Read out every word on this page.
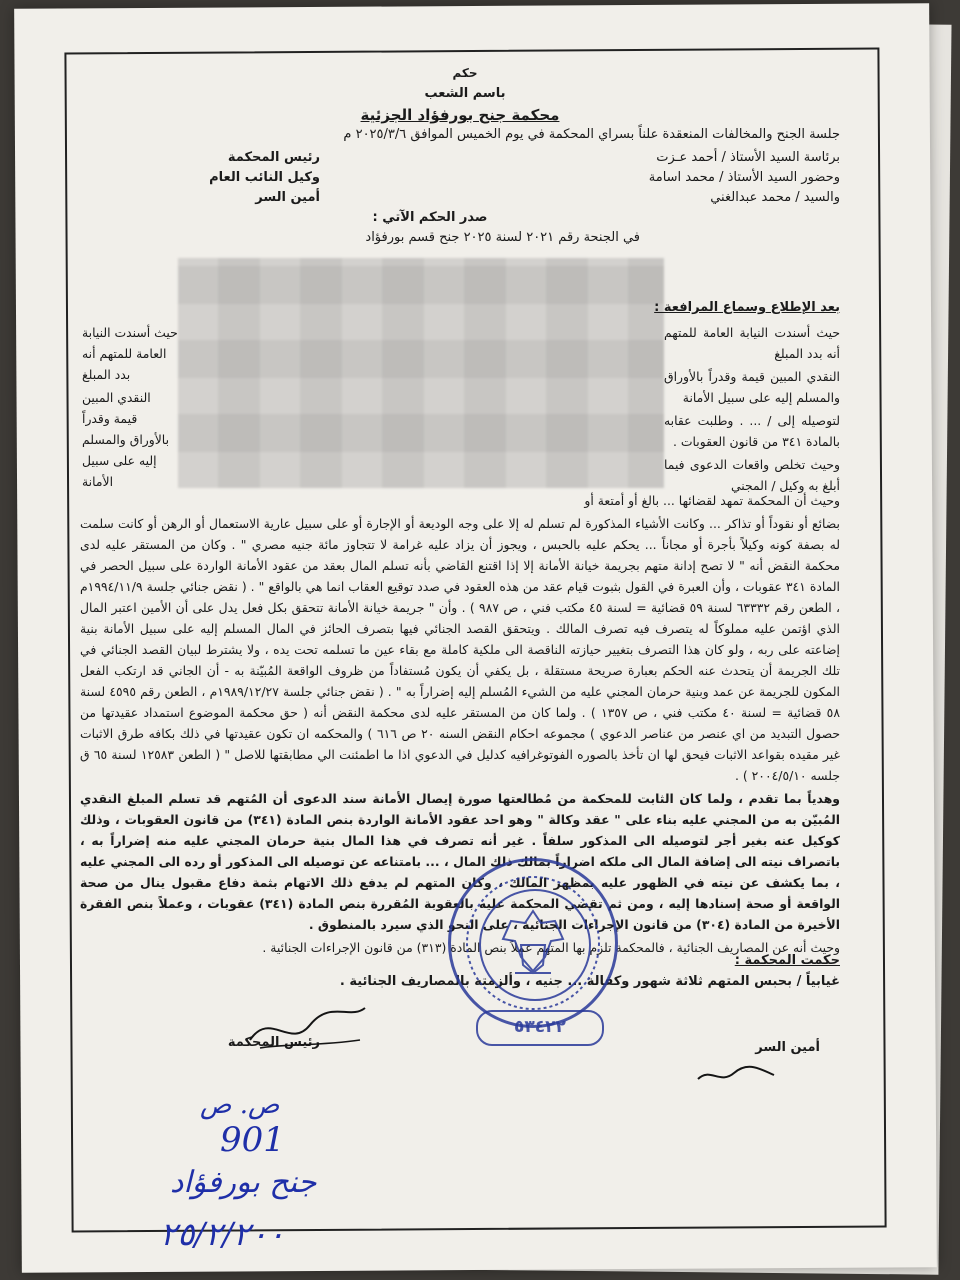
حكم
باسم الشعب
محكمة جنح بورفؤاد الجزئية
جلسة الجنح والمخالفات المنعقدة علناً بسراي المحكمة في يوم الخميس الموافق ٢٠٢٥/٣/٦ م
برئاسة السيد الأستاذ / أحمد عـزت
رئيس المحكمة
وحضور السيد الأستاذ / محمد اسامة
وكيل النائب العام
والسيد / محمد عبدالغني
أمين السر
صدر الحكم الآتي :
في الجنحة رقم ٢٠٢١ لسنة ٢٠٢٥ جنح قسم بورفؤاد
بعد الإطلاع وسماع المرافعة :

حيث أسندت النيابة العامة للمتهم أنه بدد المبلغ

النقدي المبين قيمة وقدراً بالأوراق والمسلم إليه على سبيل الأمانة

لتوصيله إلى / ... . وطلبت عقابه بالمادة ٣٤١ من قانون العقوبات .

وحيث تخلص واقعات الدعوى فيما أبلغ به وكيل / المجني

حيث أسندت النيابة العامة للمتهم أنه بدد المبلغ

النقدي المبين قيمة وقدراً بالأوراق والمسلم إليه على سبيل الأمانة

وحيث أن المحكمة تمهد لقضائها ... بالغ أو أمتعة أو

بضائع أو نقوداً أو تذاكر ... وكانت الأشياء المذكورة لم تسلم له إلا على وجه الوديعة أو الإجارة أو على سبيل عارية الاستعمال أو الرهن أو كانت سلمت له بصفة كونه وكيلاً بأجرة أو مجاناً ... يحكم عليه بالحبس ، ويجوز أن يزاد عليه غرامة لا تتجاوز مائة جنيه مصري " . وكان من المستقر عليه لدى محكمة النقض أنه " لا تصح إدانة متهم بجريمة خيانة الأمانة إلا إذا اقتنع القاضي بأنه تسلم المال بعقد من عقود الأمانة الواردة على سبيل الحصر في المادة ٣٤١ عقوبات ، وأن العبرة في القول بثبوت قيام عقد من هذه العقود في صدد توقيع العقاب انما هي بالواقع " . ( نقض جنائي جلسة ١٩٩٤/١١/٩م ، الطعن رقم ٦٣٣٣٢ لسنة ٥٩ قضائية = لسنة ٤٥ مكتب فني ، ص ٩٨٧ ) . وأن " جريمة خيانة الأمانة تتحقق بكل فعل يدل على أن الأمين اعتبر المال الذي اؤتمن عليه مملوكاً له يتصرف فيه تصرف المالك . ويتحقق القصد الجنائي فيها بتصرف الحائز في المال المسلم إليه على سبيل الأمانة بنية إضاعته على ربه ، ولو كان هذا التصرف بتغيير حيازته الناقصة الى ملكية كاملة مع بقاء عين ما تسلمه تحت يده ، ولا يشترط لبيان القصد الجنائي في تلك الجريمة أن يتحدث عنه الحكم بعبارة صريحة مستقلة ، بل يكفي أن يكون مُستفاداً من ظروف الواقعة المُبيّنة به - أن الجاني قد ارتكب الفعل المكون للجريمة عن عمد وبنية حرمان المجني عليه من الشيء المُسلم إليه إضراراً به " . ( نقض جنائي جلسة ١٩٨٩/١٢/٢٧م ، الطعن رقم ٤٥٩٥ لسنة ٥٨ قضائية = لسنة ٤٠ مكتب فني ، ص ١٣٥٧ ) . ولما كان من المستقر عليه لدى محكمة النقض أنه ( حق محكمة الموضوع استمداد عقيدتها من حصول التبديد من اي عنصر من عناصر الدعوي ) مجموعه احكام النقض السنه ٢٠ ص ٦١٦ ) والمحكمه ان تكون عقيدتها في ذلك بكافه طرق الاثبات غير مقيده بقواعد الاثبات فيحق لها ان تأخذ بالصوره الفوتوغرافيه كدليل في الدعوي اذا ما اطمئنت الي مطابقتها للاصل " ( الطعن ١٢٥٨٣ لسنة ٦٥ ق جلسه ٢٠٠٤/٥/١٠ ) .

وهدياً بما تقدم ، ولما كان الثابت للمحكمة من مُطالعتها صورة إيصال الأمانة سند الدعوى أن المُتهم قد تسلم المبلغ النقدي المُبيّن به من المجني عليه بناء على " عقد وكالة " وهو احد عقود الأمانة الواردة بنص المادة (٣٤١) من قانون العقوبات ، وذلك كوكيل عنه بغير أجر لتوصيله الى المذكور سلفاً . غير أنه تصرف في هذا المال بنية حرمان المجني عليه منه إضراراً به ، باتصراف نيته الى إضافة المال الى ملكه اضراراً بمالك ذلك المال ، ... بامتناعه عن توصيله الى المذكور أو رده الى المجني عليه ، بما يكشف عن نيته في الظهور عليه بمظهر المالك ، وكان المتهم لم يدفع ذلك الاتهام بثمة دفاع مقبول ينال من صحة الواقعة أو صحة إسنادها إليه ، ومن ثم تقضي المحكمة عليه بالعقوبة المُقررة بنص المادة (٣٤١) عقوبات ، وعملاً بنص الفقرة الأخيرة من المادة (٣٠٤) من قانون الإجراءات الجنائية ، على النحو الذي سيرد بالمنطوق .

وحيث أنه عن المصاريف الجنائية ، فالمحكمة تلزم بها المتهم عملاً بنص المادة (٣١٣) من قانون الإجراءات الجنائية .

حكمت المحكمة :
غيابياً / بحبس المتهم ثلاثة شهور وكفالة ... جنيه ، وألزمته بالمصاريف الجنائية .
٥٣٤٢٢
رئيس المحكمة	أمين السر
ص. ص
901
جنح بورفؤاد
٢٥/٢/٢٠٠
